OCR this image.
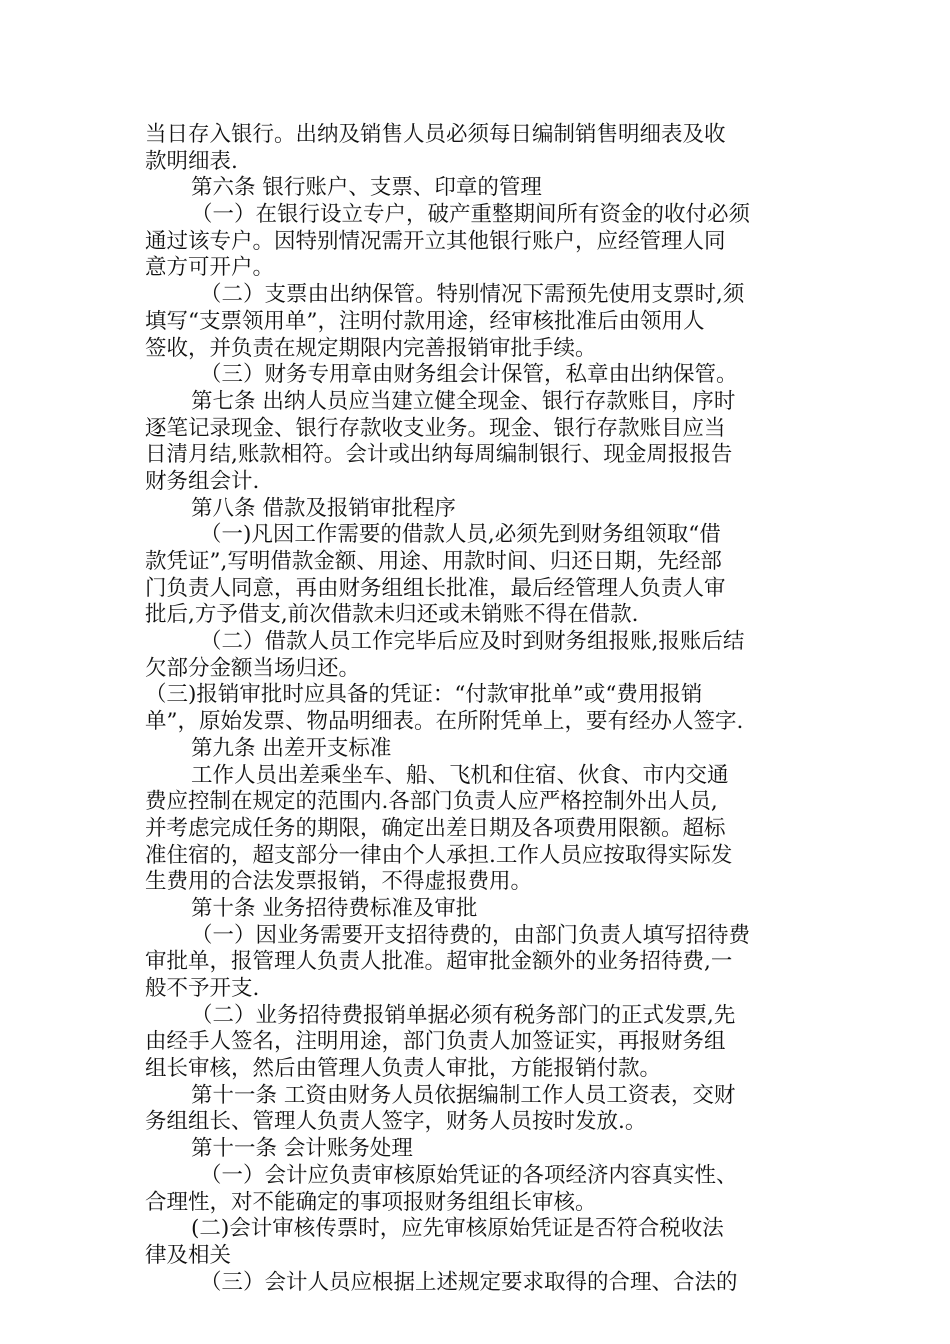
当日存入银行。出纳及销售人员必须每日编制销售明细表及收
款明细表.
第六条 银行账户、支票、印章的管理
（一）在银行设立专户，破产重整期间所有资金的收付必须
通过该专户。因特别情况需开立其他银行账户，应经管理人同
意方可开户。
（二）支票由出纳保管。特别情况下需预先使用支票时,须
填写“支票领用单”，注明付款用途，经审核批准后由领用人
签收，并负责在规定期限内完善报销审批手续。
（三）财务专用章由财务组会计保管，私章由出纳保管。
第七条 出纳人员应当建立健全现金、银行存款账目，序时
逐笔记录现金、银行存款收支业务。现金、银行存款账目应当
日清月结,账款相符。会计或出纳每周编制银行、现金周报报告
财务组会计.
第八条 借款及报销审批程序
（一)凡因工作需要的借款人员,必须先到财务组领取“借
款凭证”,写明借款金额、用途、用款时间、归还日期，先经部
门负责人同意，再由财务组组长批准，最后经管理人负责人审
批后,方予借支,前次借款未归还或未销账不得在借款.
（二）借款人员工作完毕后应及时到财务组报账,报账后结
欠部分金额当场归还。
（三)报销审批时应具备的凭证：“付款审批单”或“费用报销
单”，原始发票、物品明细表。在所附凭单上，要有经办人签字.
第九条 出差开支标准
工作人员出差乘坐车、船、飞机和住宿、伙食、市内交通
费应控制在规定的范围内.各部门负责人应严格控制外出人员,
并考虑完成任务的期限，确定出差日期及各项费用限额。超标
准住宿的，超支部分一律由个人承担.工作人员应按取得实际发
生费用的合法发票报销，不得虚报费用。
第十条 业务招待费标准及审批
（一）因业务需要开支招待费的，由部门负责人填写招待费
审批单，报管理人负责人批准。超审批金额外的业务招待费,一
般不予开支.
（二）业务招待费报销单据必须有税务部门的正式发票,先
由经手人签名，注明用途，部门负责人加签证实，再报财务组
组长审核，然后由管理人负责人审批，方能报销付款。
第十一条 工资由财务人员依据编制工作人员工资表，交财
务组组长、管理人负责人签字，财务人员按时发放.。
第十一条 会计账务处理
（一）会计应负责审核原始凭证的各项经济内容真实性、
合理性，对不能确定的事项报财务组组长审核。
(二)会计审核传票时，应先审核原始凭证是否符合税收法
律及相关
（三）会计人员应根据上述规定要求取得的合理、合法的
